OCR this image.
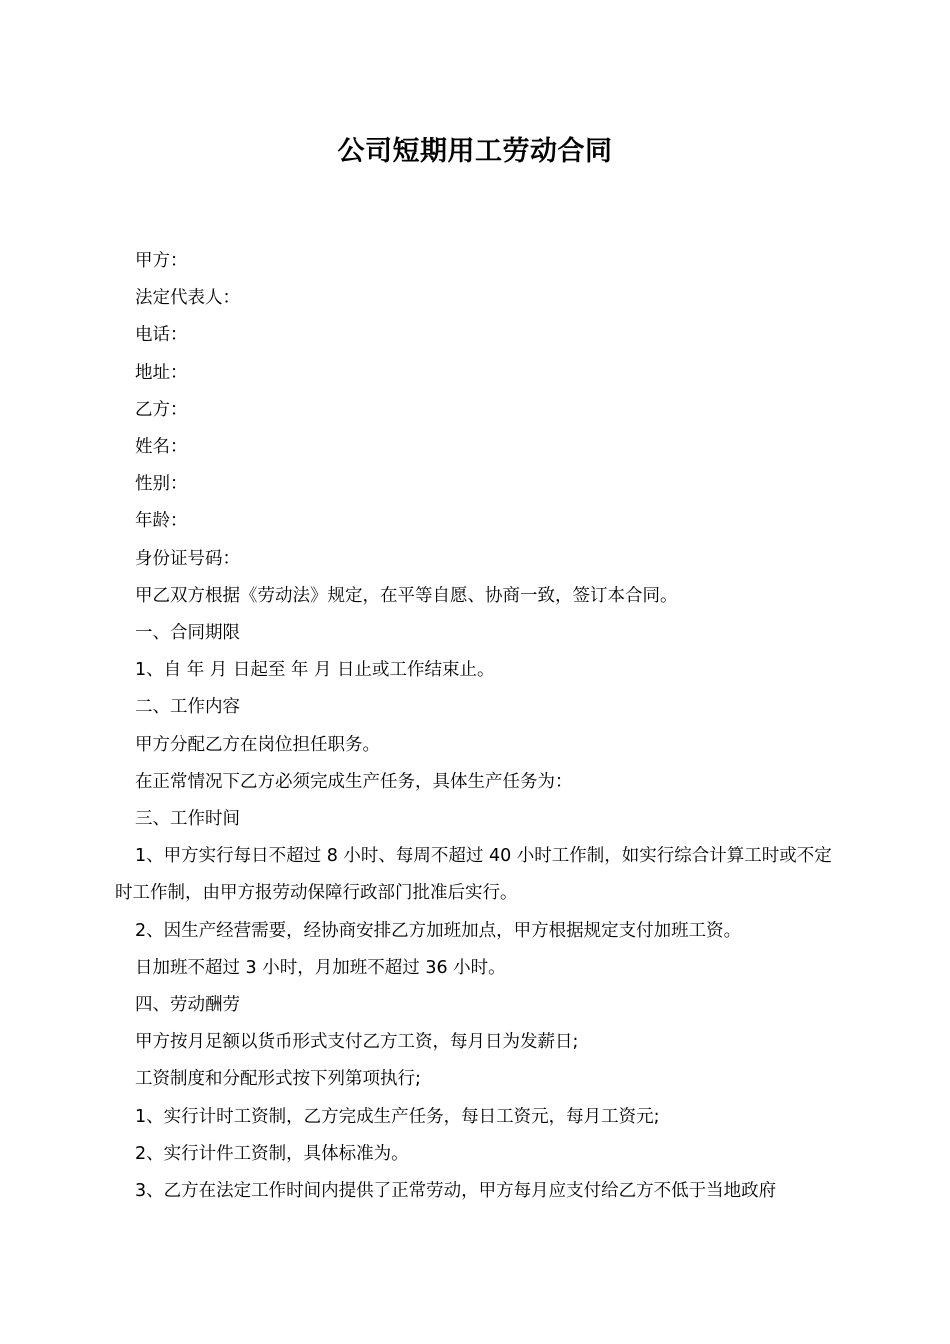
公司短期用工劳动合同

甲方：

法定代表人：

电话：

地址：

乙方：

姓名：

性别：

年龄：

身份证号码：

甲乙双方根据《劳动法》规定，在平等自愿、协商一致，签订本合同。

一、合同期限

1、自 年 月 日起至 年 月 日止或工作结束止。

二、工作内容

甲方分配乙方在岗位担任职务。

在正常情况下乙方必须完成生产任务，具体生产任务为：

三、工作时间

1、甲方实行每日不超过 8 小时、每周不超过 40 小时工作制，如实行综合计算工时或不定时工作制，由甲方报劳动保障行政部门批准后实行。

2、因生产经营需要，经协商安排乙方加班加点，甲方根据规定支付加班工资。

日加班不超过 3 小时，月加班不超过 36 小时。

四、劳动酬劳

甲方按月足额以货币形式支付乙方工资，每月日为发薪日;

工资制度和分配形式按下列第项执行;

1、实行计时工资制，乙方完成生产任务，每日工资元，每月工资元;

2、实行计件工资制，具体标准为。

3、乙方在法定工作时间内提供了正常劳动，甲方每月应支付给乙方不低于当地政府
